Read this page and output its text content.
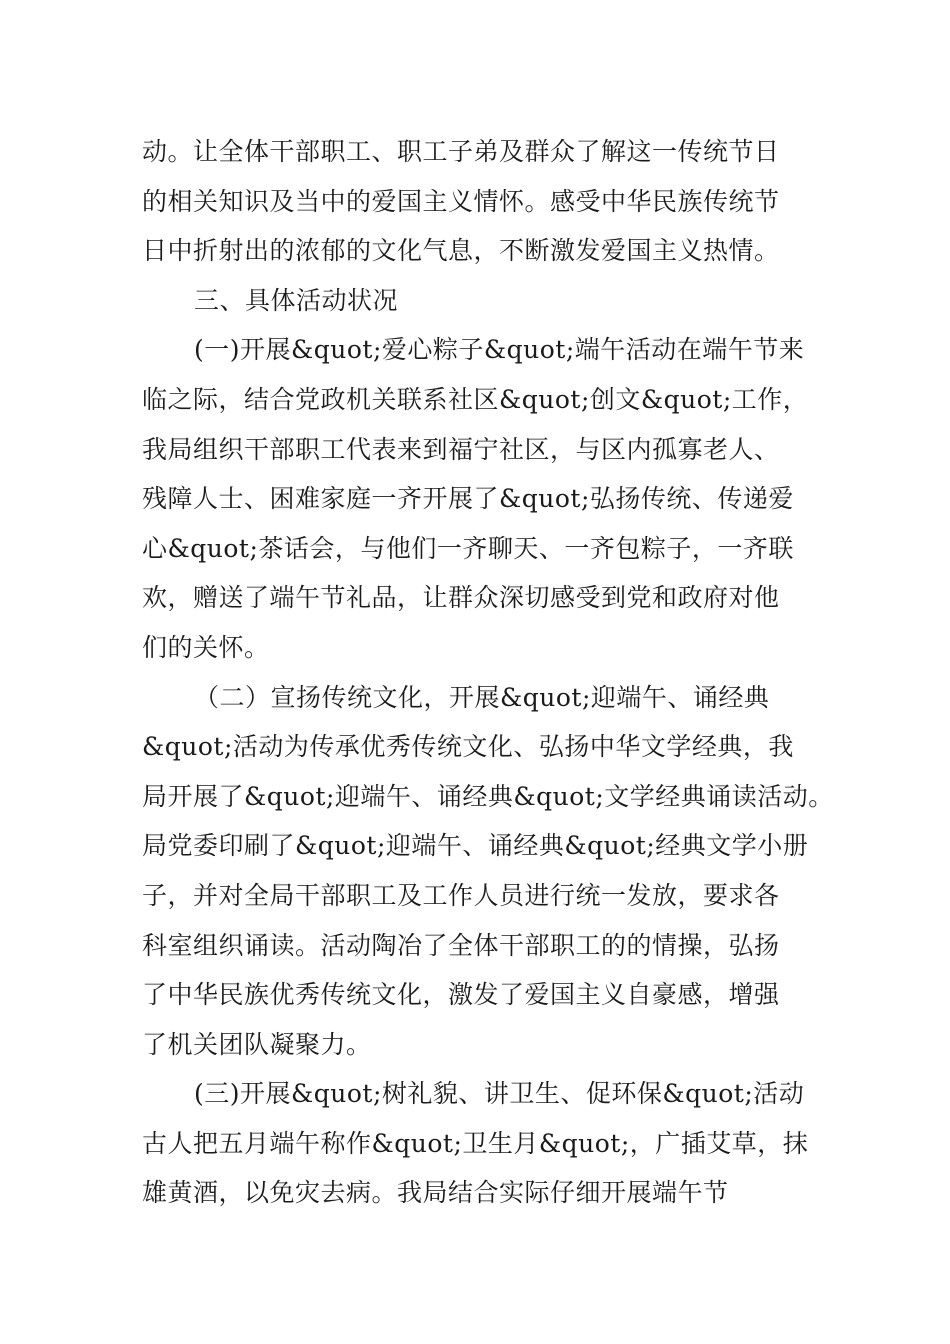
动。让全体干部职工、职工子弟及群众了解这一传统节日
的相关知识及当中的爱国主义情怀。感受中华民族传统节
日中折射出的浓郁的文化气息，不断激发爱国主义热情。
三、具体活动状况
(一)开展&quot;爱心粽子&quot;端午活动在端午节来
临之际，结合党政机关联系社区&quot;创文&quot;工作，
我局组织干部职工代表来到福宁社区，与区内孤寡老人、
残障人士、困难家庭一齐开展了&quot;弘扬传统、传递爱
心&quot;茶话会，与他们一齐聊天、一齐包粽子，一齐联
欢，赠送了端午节礼品，让群众深切感受到党和政府对他
们的关怀。
（二）宣扬传统文化，开展&quot;迎端午、诵经典
&quot;活动为传承优秀传统文化、弘扬中华文学经典，我
局开展了&quot;迎端午、诵经典&quot;文学经典诵读活动。
局党委印刷了&quot;迎端午、诵经典&quot;经典文学小册
子，并对全局干部职工及工作人员进行统一发放，要求各
科室组织诵读。活动陶冶了全体干部职工的的情操，弘扬
了中华民族优秀传统文化，激发了爱国主义自豪感，增强
了机关团队凝聚力。
(三)开展&quot;树礼貌、讲卫生、促环保&quot;活动
古人把五月端午称作&quot;卫生月&quot;，广插艾草，抹
雄黄酒，以免灾去病。我局结合实际仔细开展端午节
